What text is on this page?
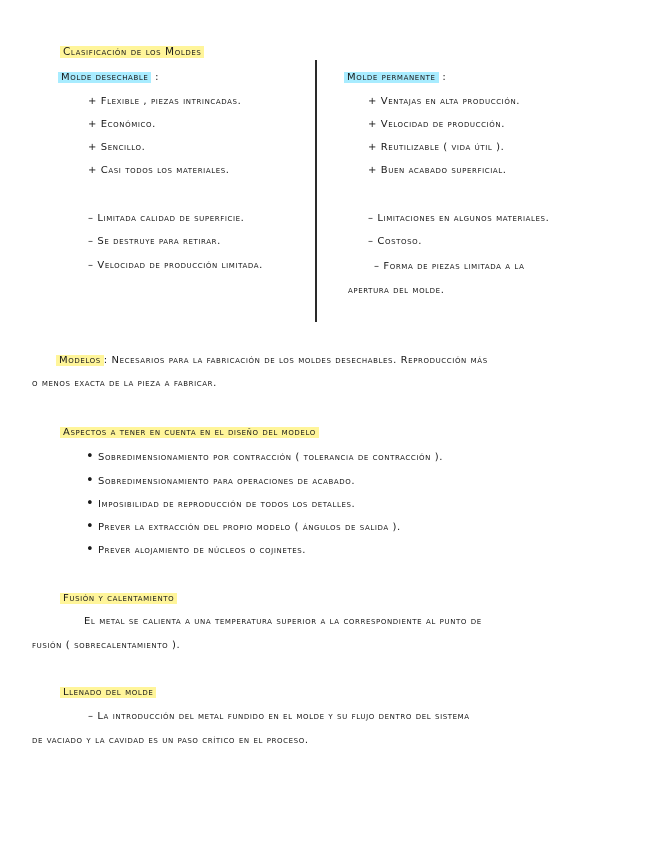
Clasificación de los Moldes
Molde desechable :
+ Flexible , piezas intrincadas.
+ Económico.
+ Sencillo.
+ Casi todos los materiales.
– Limitada calidad de superficie.
– Se destruye para retirar.
– Velocidad de producción limitada.
Molde permanente :
+ Ventajas en alta producción.
+ Velocidad de producción.
+ Reutilizable ( vida útil ).
+ Buen acabado superficial.
– Limitaciones en algunos materiales.
– Costoso.
– Forma de piezas limitada a la
apertura del molde.
Modelos : Necesarios para la fabricación de los moldes desechables. Reproducción más
o menos exacta de la pieza a fabricar.
Aspectos a tener en cuenta en el diseño del modelo
• Sobredimensionamiento por contracción ( tolerancia de contracción ).
• Sobredimensionamiento para operaciones de acabado.
• Imposibilidad de reproducción de todos los detalles.
• Prever la extracción del propio modelo ( ángulos de salida ).
• Prever alojamiento de núcleos o cojinetes.
Fusión y calentamiento
El metal se calienta a una temperatura superior a la correspondiente al punto de
fusión ( sobrecalentamiento ).
Llenado del molde
– La introducción del metal fundido en el molde y su flujo dentro del sistema
de vaciado y la cavidad es un paso crítico en el proceso.
